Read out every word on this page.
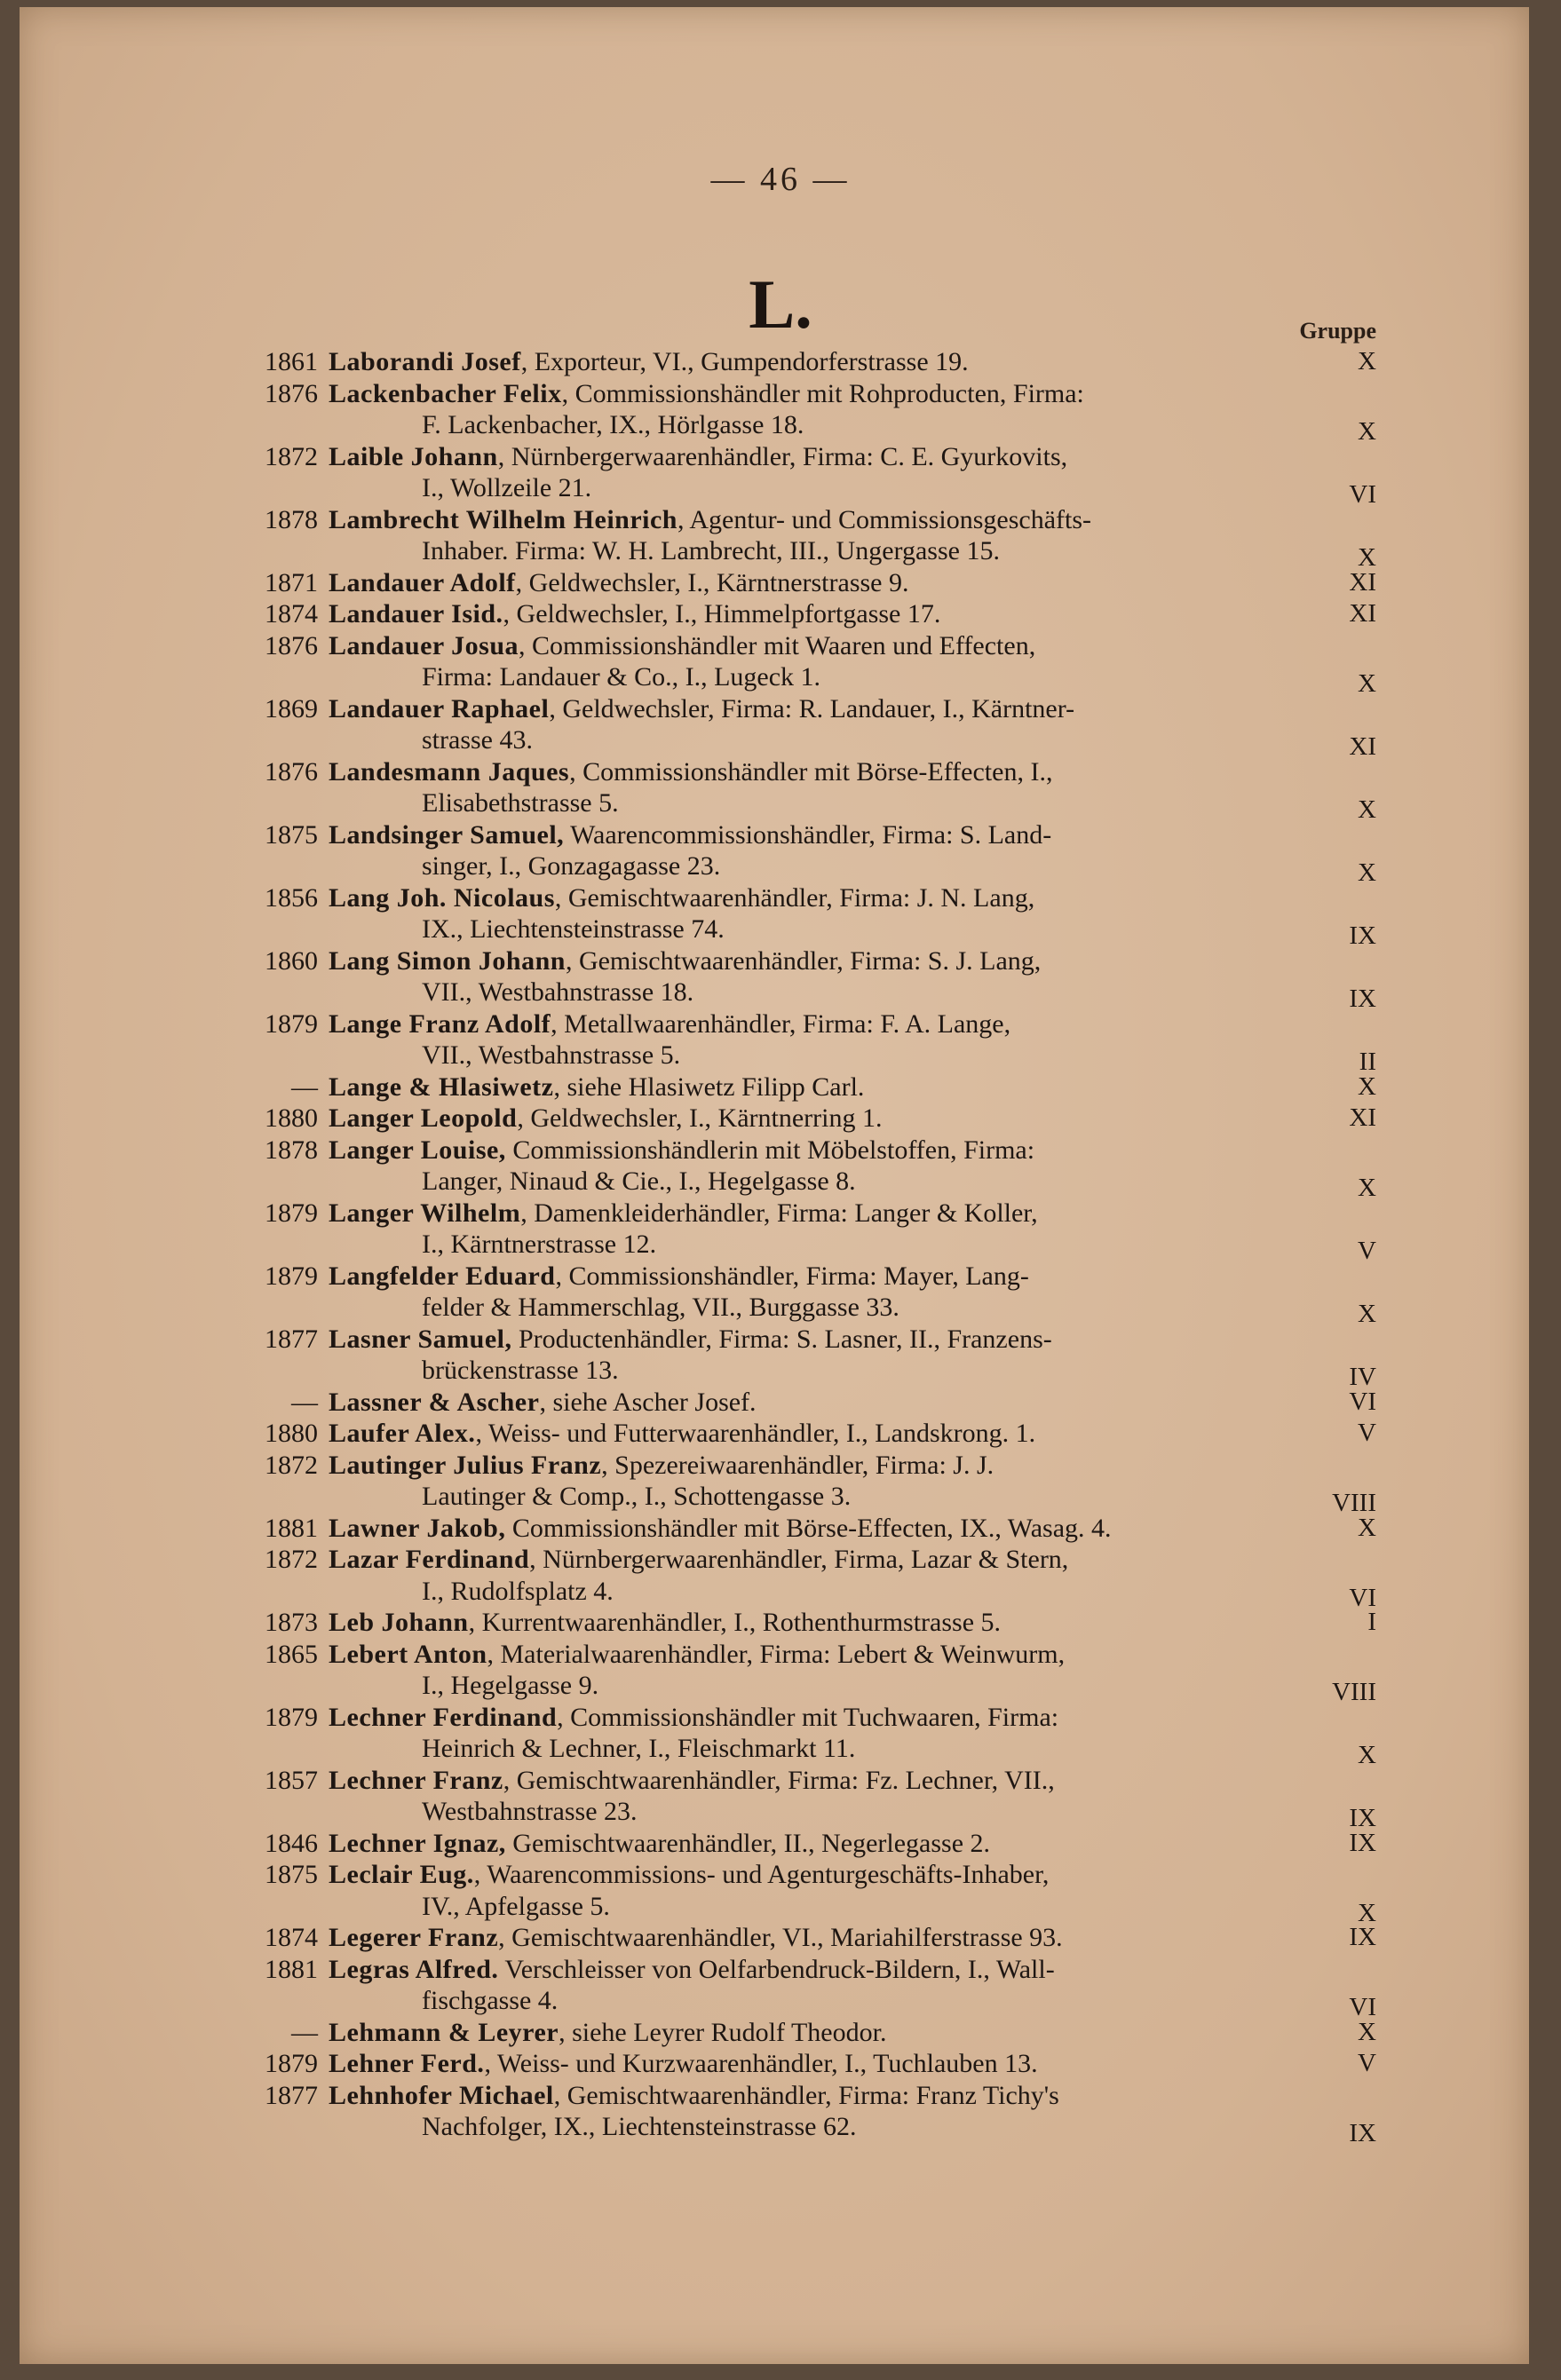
— 46 —
L.	Gruppe
1861 Laborandi Josef, Exporteur, VI., Gumpendorferstrasse 19.	X
1876 Lackenbacher Felix, Commissionshändler mit Rohproducten, Firma:
F. Lackenbacher, IX., Hörlgasse 18.	X
1872 Laible Johann, Nürnbergerwaarenhändler, Firma: C. E. Gyurkovits,
I., Wollzeile 21.	VI
1878 Lambrecht Wilhelm Heinrich, Agentur- und Commissionsgeschäfts-
Inhaber. Firma: W. H. Lambrecht, III., Ungergasse 15.	X
1871 Landauer Adolf, Geldwechsler, I., Kärntnerstrasse 9.	XI
1874 Landauer Isid., Geldwechsler, I., Himmelpfortgasse 17.	XI
1876 Landauer Josua, Commissionshändler mit Waaren und Effecten,
Firma: Landauer & Co., I., Lugeck 1.	X
1869 Landauer Raphael, Geldwechsler, Firma: R. Landauer, I., Kärntner-
strasse 43.	XI
1876 Landesmann Jaques, Commissionshändler mit Börse-Effecten, I.,
Elisabethstrasse 5.	X
1875 Landsinger Samuel, Waarencommissionshändler, Firma: S. Land-
singer, I., Gonzagagasse 23.	X
1856 Lang Joh. Nicolaus, Gemischtwaarenhändler, Firma: J. N. Lang,
IX., Liechtensteinstrasse 74.	IX
1860 Lang Simon Johann, Gemischtwaarenhändler, Firma: S. J. Lang,
VII., Westbahnstrasse 18.	IX
1879 Lange Franz Adolf, Metallwaarenhändler, Firma: F. A. Lange,
VII., Westbahnstrasse 5.	II
— Lange & Hlasiwetz, siehe Hlasiwetz Filipp Carl.	X
1880 Langer Leopold, Geldwechsler, I., Kärntnerring 1.	XI
1878 Langer Louise, Commissionshändlerin mit Möbelstoffen, Firma:
Langer, Ninaud & Cie., I., Hegelgasse 8.	X
1879 Langer Wilhelm, Damenkleiderhändler, Firma: Langer & Koller,
I., Kärntnerstrasse 12.	V
1879 Langfelder Eduard, Commissionshändler, Firma: Mayer, Lang-
felder & Hammerschlag, VII., Burggasse 33.	X
1877 Lasner Samuel, Productenhändler, Firma: S. Lasner, II., Franzens-
brückenstrasse 13.	IV
— Lassner & Ascher, siehe Ascher Josef.	VI
1880 Laufer Alex., Weiss- und Futterwaarenhändler, I., Landskrong. 1.	V
1872 Lautinger Julius Franz, Spezereiwaarenhändler, Firma: J. J.
Lautinger & Comp., I., Schottengasse 3.	VIII
1881 Lawner Jakob, Commissionshändler mit Börse-Effecten, IX., Wasag. 4.	X
1872 Lazar Ferdinand, Nürnbergerwaarenhändler, Firma, Lazar & Stern,
I., Rudolfsplatz 4.	VI
1873 Leb Johann, Kurrentwaarenhändler, I., Rothenthurmstrasse 5.	I
1865 Lebert Anton, Materialwaarenhändler, Firma: Lebert & Weinwurm,
I., Hegelgasse 9.	VIII
1879 Lechner Ferdinand, Commissionshändler mit Tuchwaaren, Firma:
Heinrich & Lechner, I., Fleischmarkt 11.	X
1857 Lechner Franz, Gemischtwaarenhändler, Firma: Fz. Lechner, VII.,
Westbahnstrasse 23.	IX
1846 Lechner Ignaz, Gemischtwaarenhändler, II., Negerlegasse 2.	IX
1875 Leclair Eug., Waarencommissions- und Agenturgeschäfts-Inhaber,
IV., Apfelgasse 5.	X
1874 Legerer Franz, Gemischtwaarenhändler, VI., Mariahilferstrasse 93.	IX
1881 Legras Alfred. Verschleisser von Oelfarbendruck-Bildern, I., Wall-
fischgasse 4.	VI
— Lehmann & Leyrer, siehe Leyrer Rudolf Theodor.	X
1879 Lehner Ferd., Weiss- und Kurzwaarenhändler, I., Tuchlauben 13.	V
1877 Lehnhofer Michael, Gemischtwaarenhändler, Firma: Franz Tichy's
Nachfolger, IX., Liechtensteinstrasse 62.	IX
